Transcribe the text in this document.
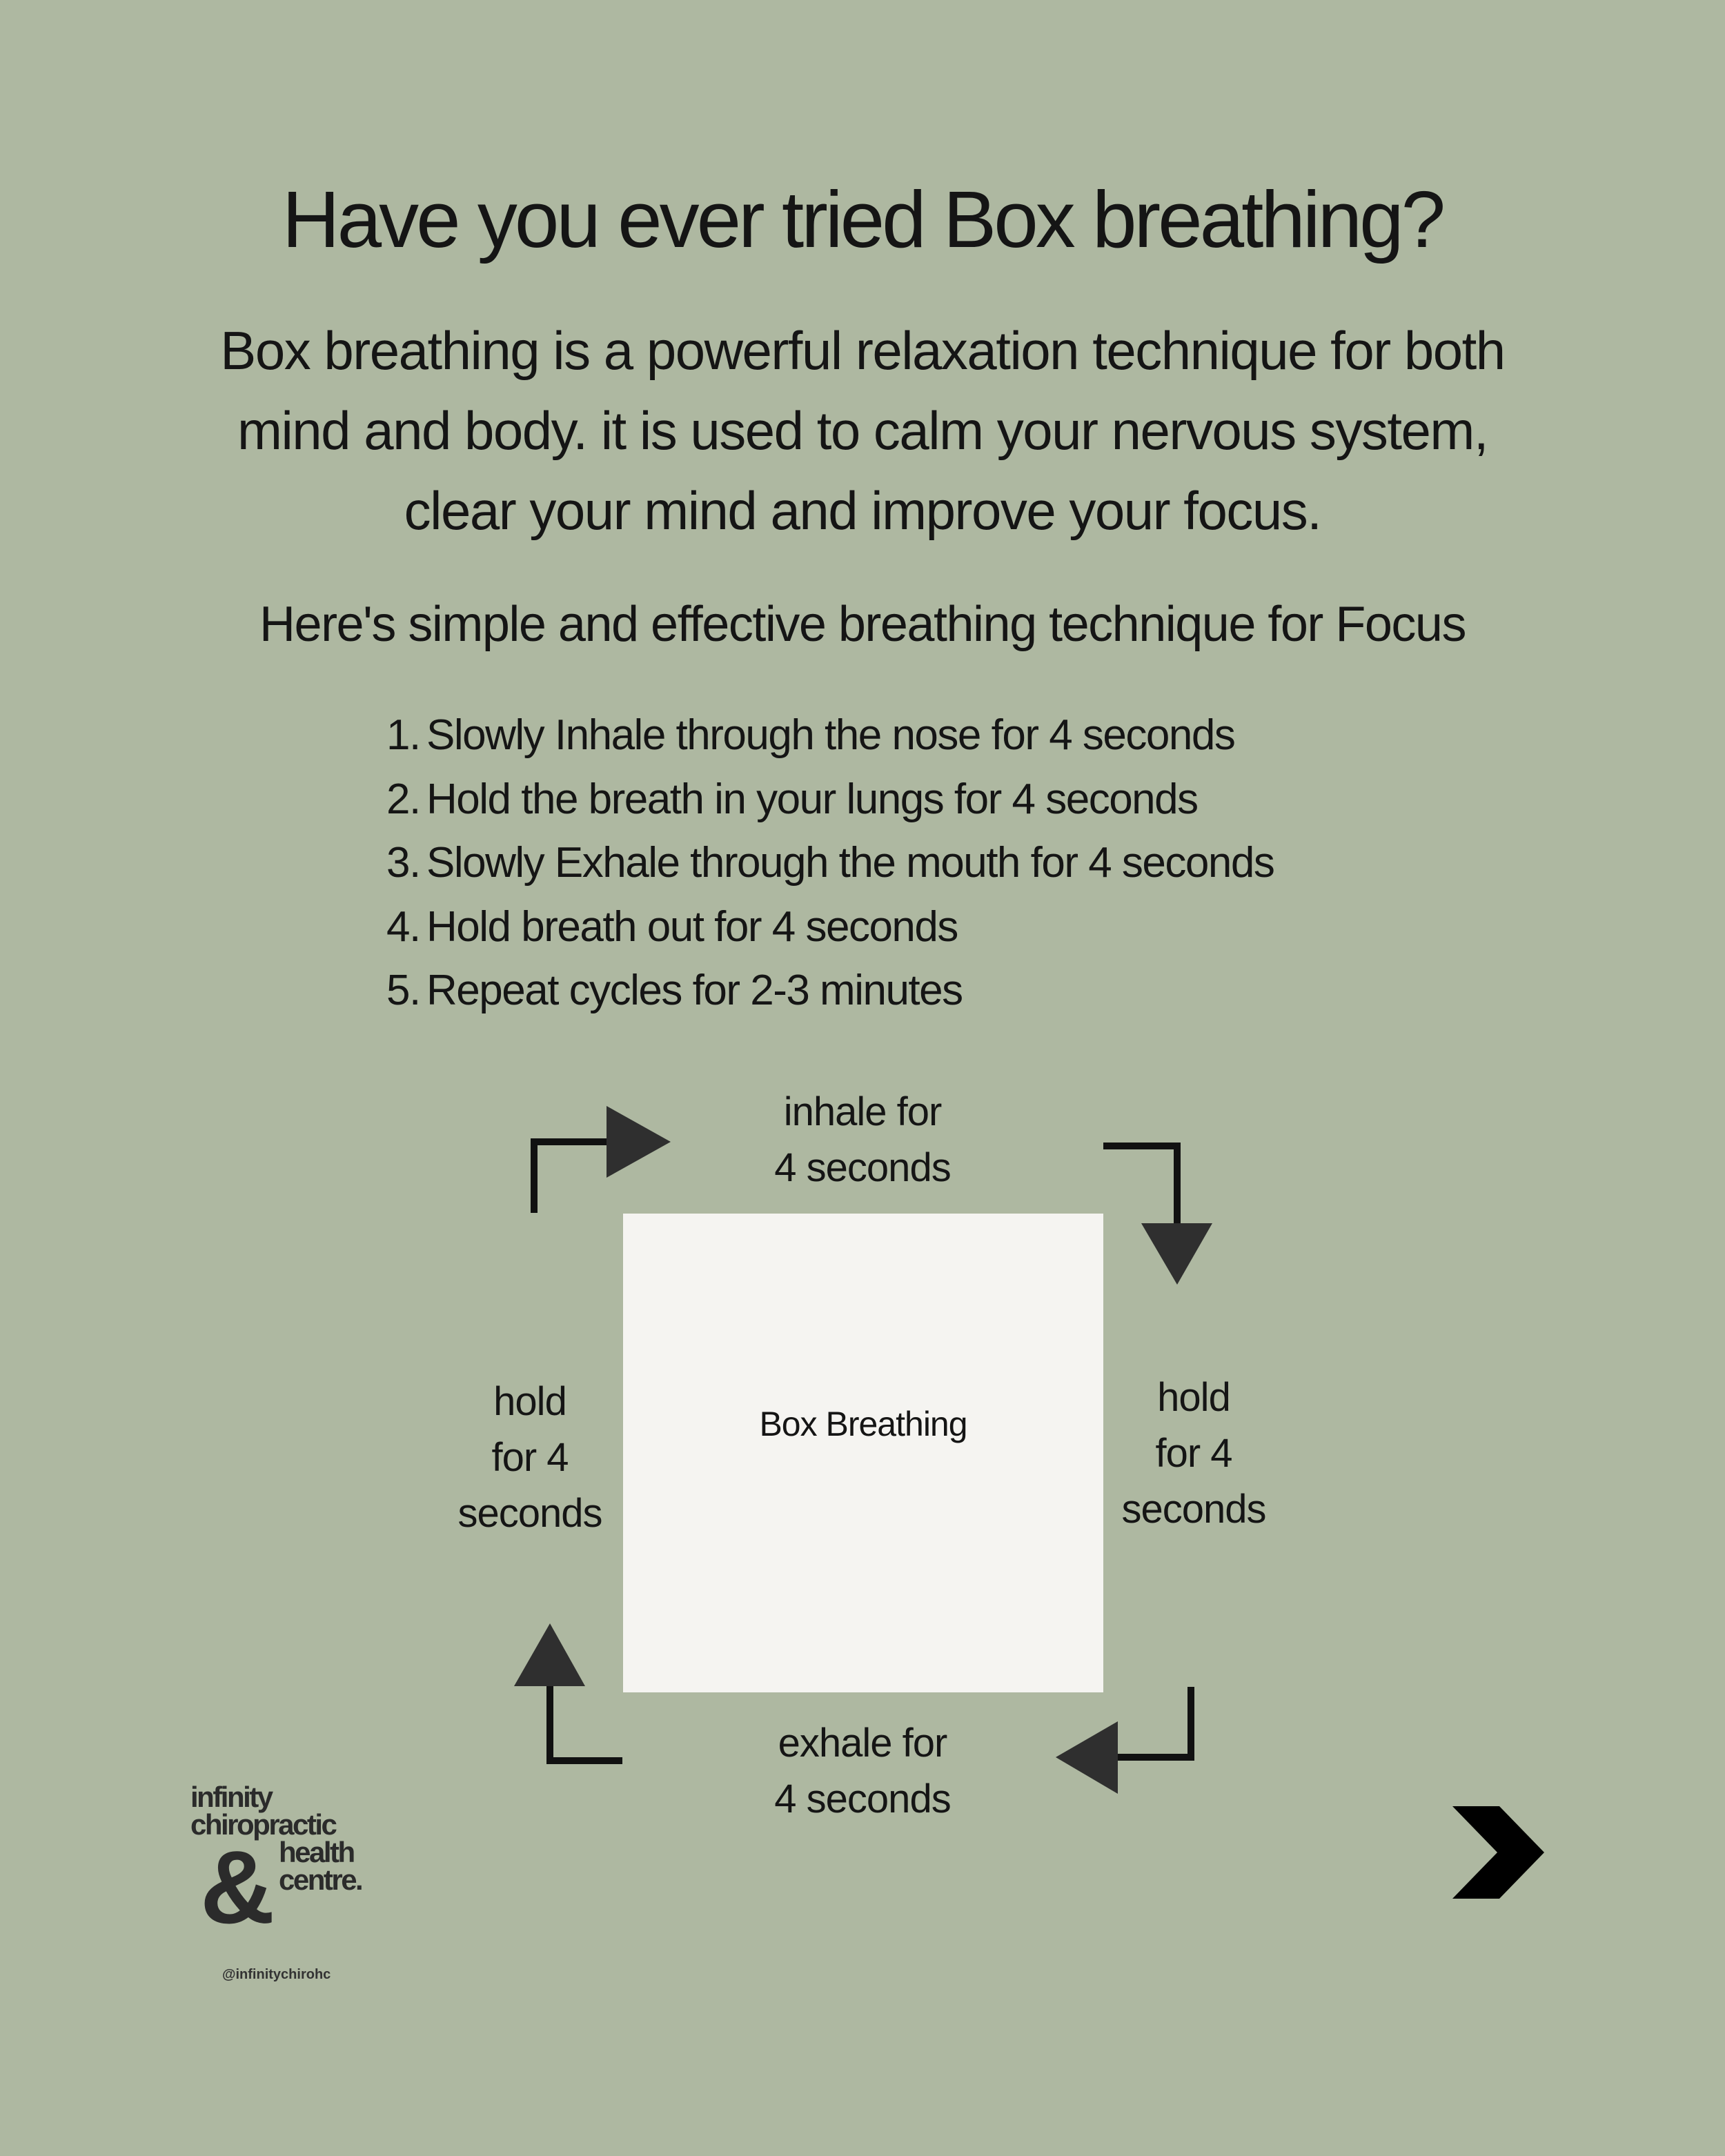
Have you ever tried Box breathing?
Box breathing is a powerful relaxation technique for both
mind and body. it is used to calm your nervous system,
clear your mind and improve your focus.
Here's simple and effective breathing technique for Focus
1. Slowly Inhale through the nose for 4 seconds
2. Hold the breath in your lungs for 4 seconds
3. Slowly Exhale through the mouth for 4 seconds
4. Hold breath out for 4 seconds
5. Repeat cycles for 2-3 minutes
Box Breathing
inhale for
4 seconds
hold
for 4
seconds
exhale for
4 seconds
hold
for 4
seconds
infinity
chiropractic
health
centre.
&
@infinitychirohc
